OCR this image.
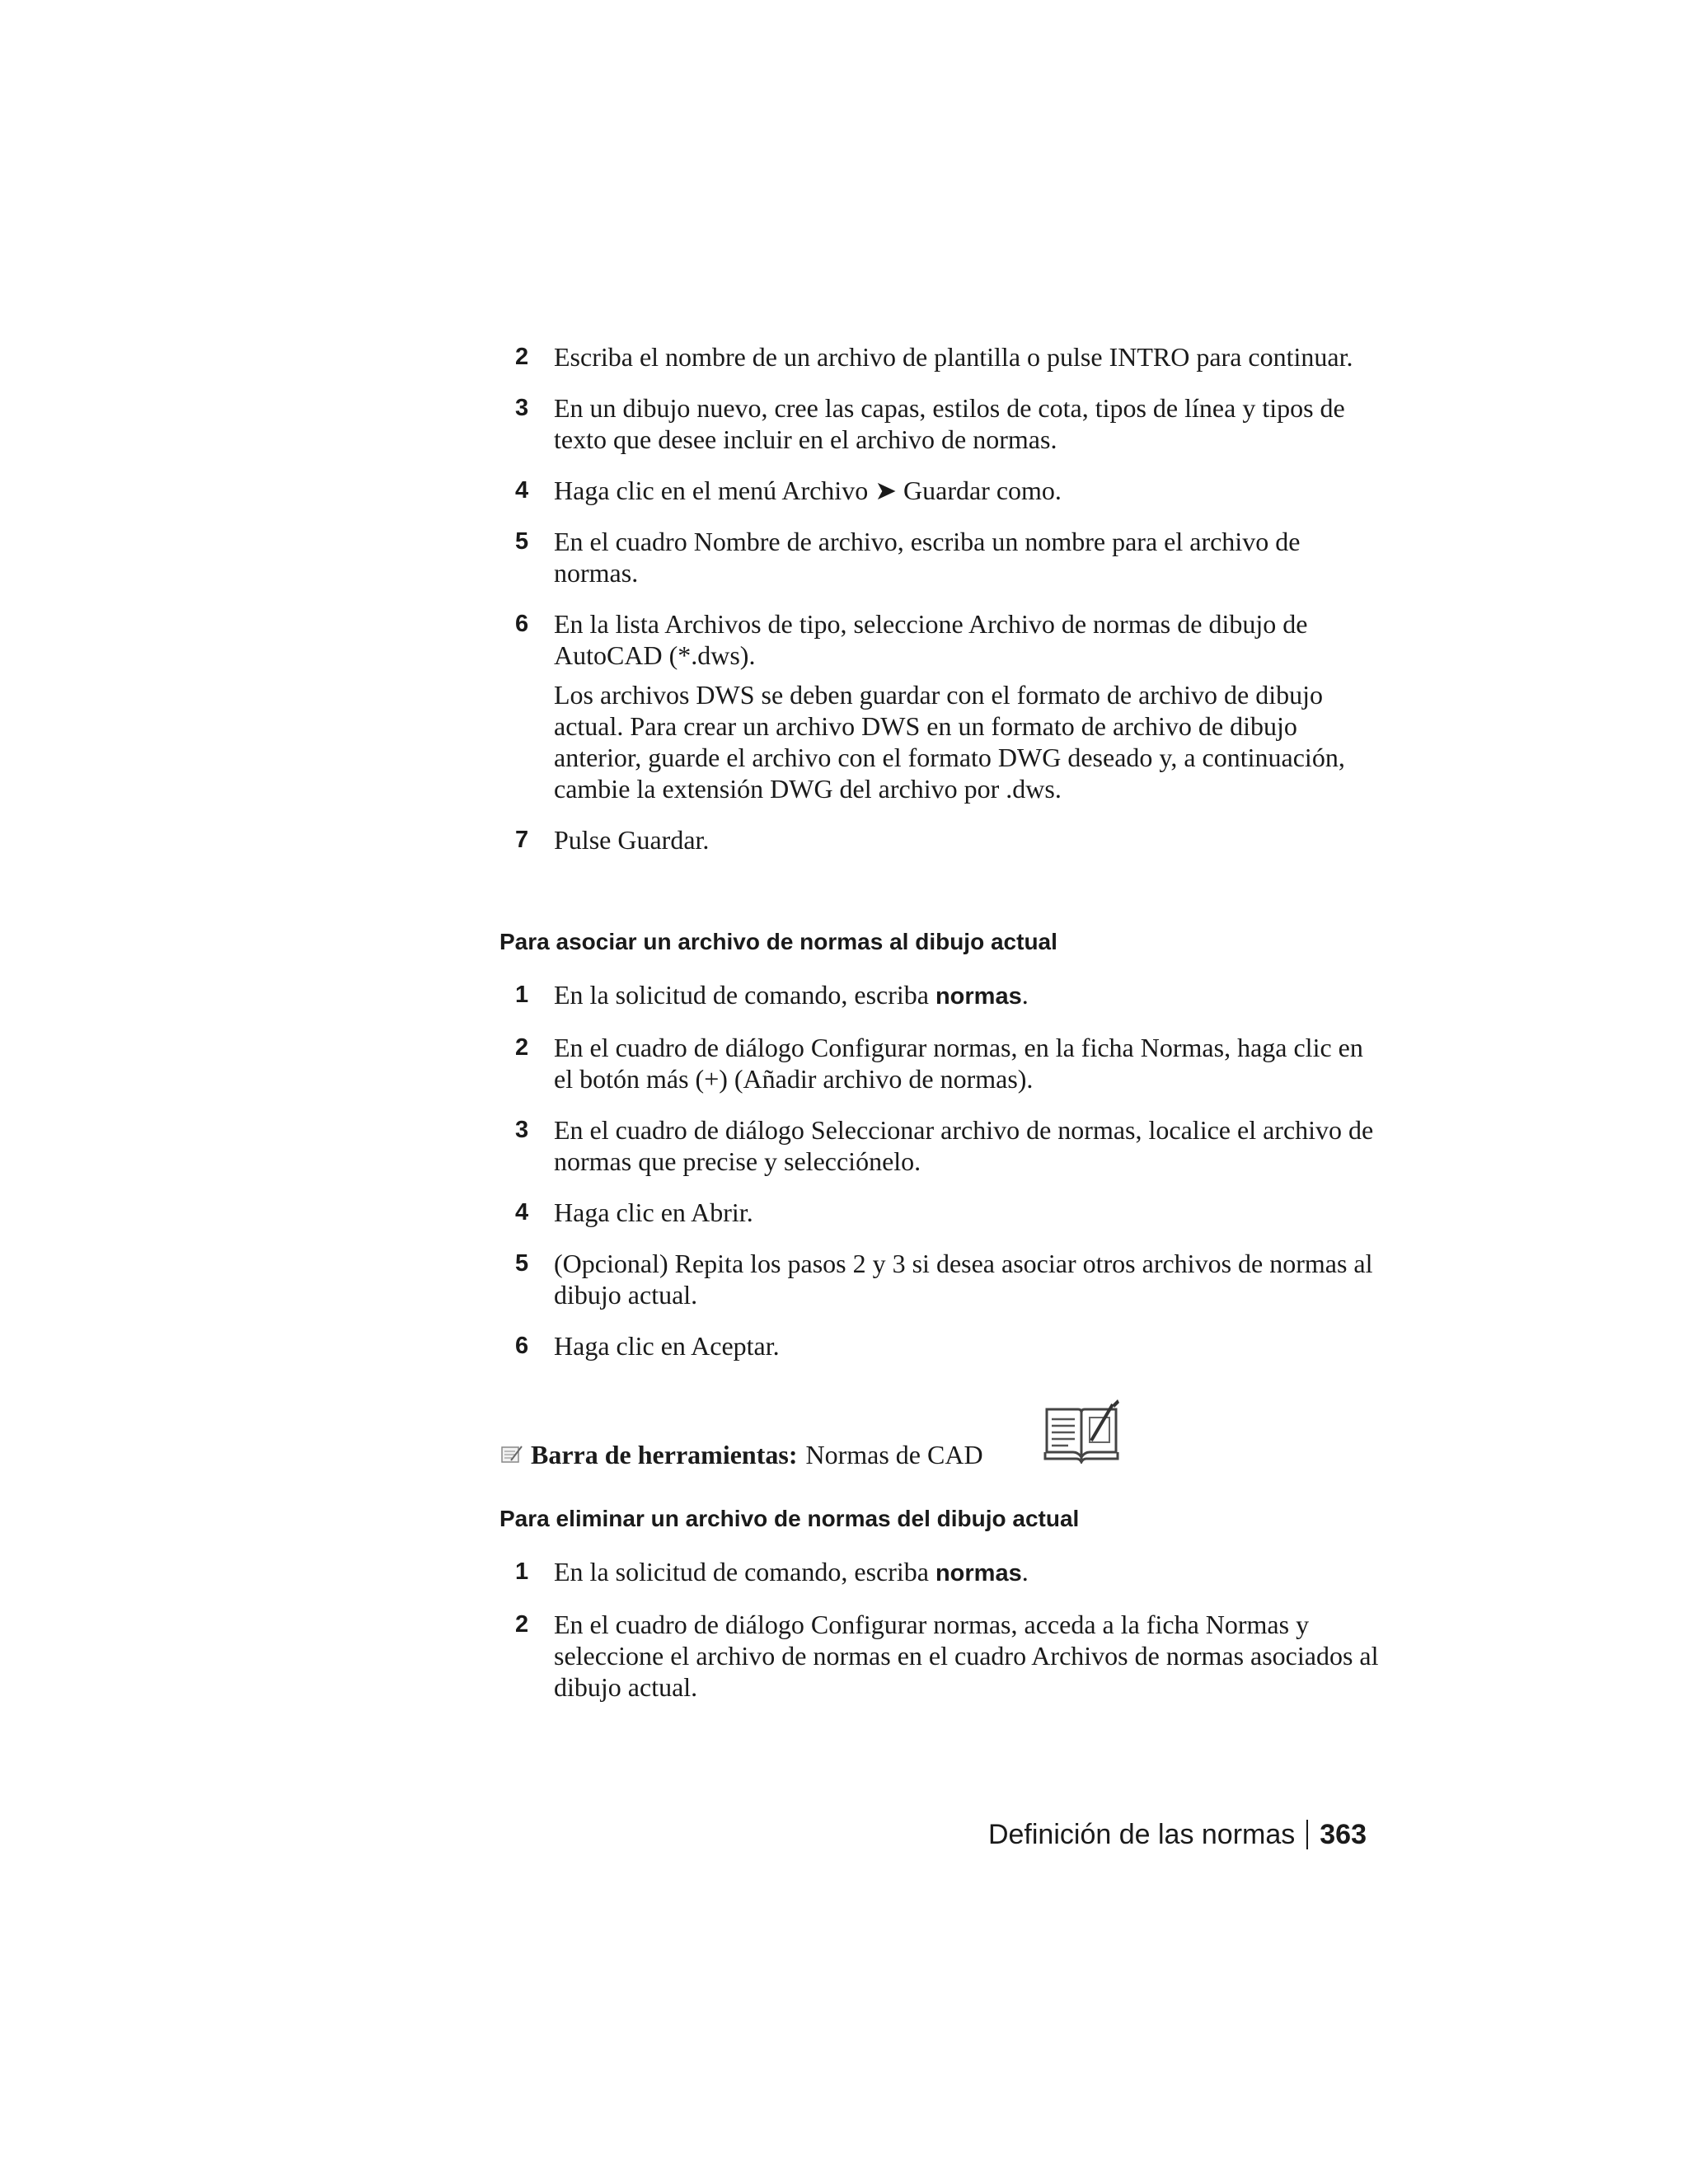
2 Escriba el nombre de un archivo de plantilla o pulse INTRO para continuar.
3 En un dibujo nuevo, cree las capas, estilos de cota, tipos de línea y tipos de texto que desee incluir en el archivo de normas.
4 Haga clic en el menú Archivo ➤ Guardar como.
5 En el cuadro Nombre de archivo, escriba un nombre para el archivo de normas.
6 En la lista Archivos de tipo, seleccione Archivo de normas de dibujo de AutoCAD (*.dws).
Los archivos DWS se deben guardar con el formato de archivo de dibujo actual. Para crear un archivo DWS en un formato de archivo de dibujo anterior, guarde el archivo con el formato DWG deseado y, a continuación, cambie la extensión DWG del archivo por .dws.
7 Pulse Guardar.
Para asociar un archivo de normas al dibujo actual
1 En la solicitud de comando, escriba normas.
2 En el cuadro de diálogo Configurar normas, en la ficha Normas, haga clic en el botón más (+) (Añadir archivo de normas).
3 En el cuadro de diálogo Seleccionar archivo de normas, localice el archivo de normas que precise y selecciónelo.
4 Haga clic en Abrir.
5 (Opcional) Repita los pasos 2 y 3 si desea asociar otros archivos de normas al dibujo actual.
6 Haga clic en Aceptar.
Barra de herramientas: Normas de CAD
Para eliminar un archivo de normas del dibujo actual
1 En la solicitud de comando, escriba normas.
2 En el cuadro de diálogo Configurar normas, acceda a la ficha Normas y seleccione el archivo de normas en el cuadro Archivos de normas asociados al dibujo actual.
Definición de las normas 363
